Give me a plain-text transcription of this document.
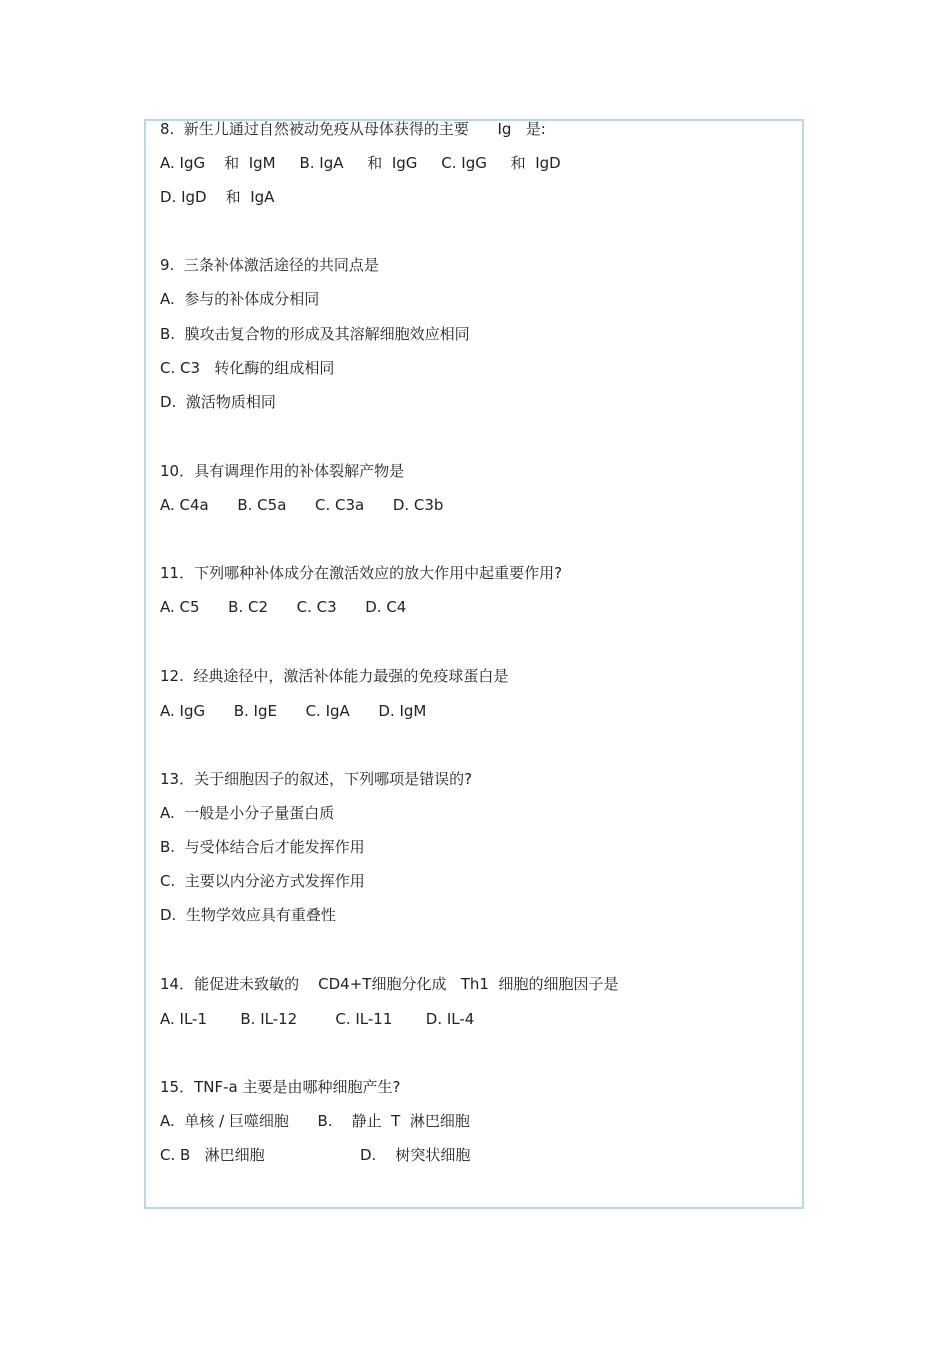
8.  新生儿通过自然被动免疫从母体获得的主要      Ig   是:
A. IgG    和  IgM     B. IgA     和  IgG     C. IgG     和  IgD
D. IgD    和  IgA
9.  三条补体激活途径的共同点是
A.  参与的补体成分相同
B.  膜攻击复合物的形成及其溶解细胞效应相同
C. C3   转化酶的组成相同
D.  激活物质相同
10．具有调理作用的补体裂解产物是
A. C4a      B. C5a      C. C3a      D. C3b
11．下列哪种补体成分在激活效应的放大作用中起重要作用?
A. C5      B. C2      C. C3      D. C4
12.  经典途径中，激活补体能力最强的免疫球蛋白是
A. IgG      B. IgE      C. IgA      D. IgM
13．关于细胞因子的叙述，下列哪项是错误的?
A.  一般是小分子量蛋白质
B.  与受体结合后才能发挥作用
C.  主要以内分泌方式发挥作用
D.  生物学效应具有重叠性
14．能促进未致敏的    CD4+T细胞分化成   Th1  细胞的细胞因子是
A. IL-1       B. IL-12        C. IL-11       D. IL-4
15．TNF-a 主要是由哪种细胞产生?
A.  单核 / 巨噬细胞      B.    静止  T  淋巴细胞
C. B   淋巴细胞                    D.    树突状细胞
